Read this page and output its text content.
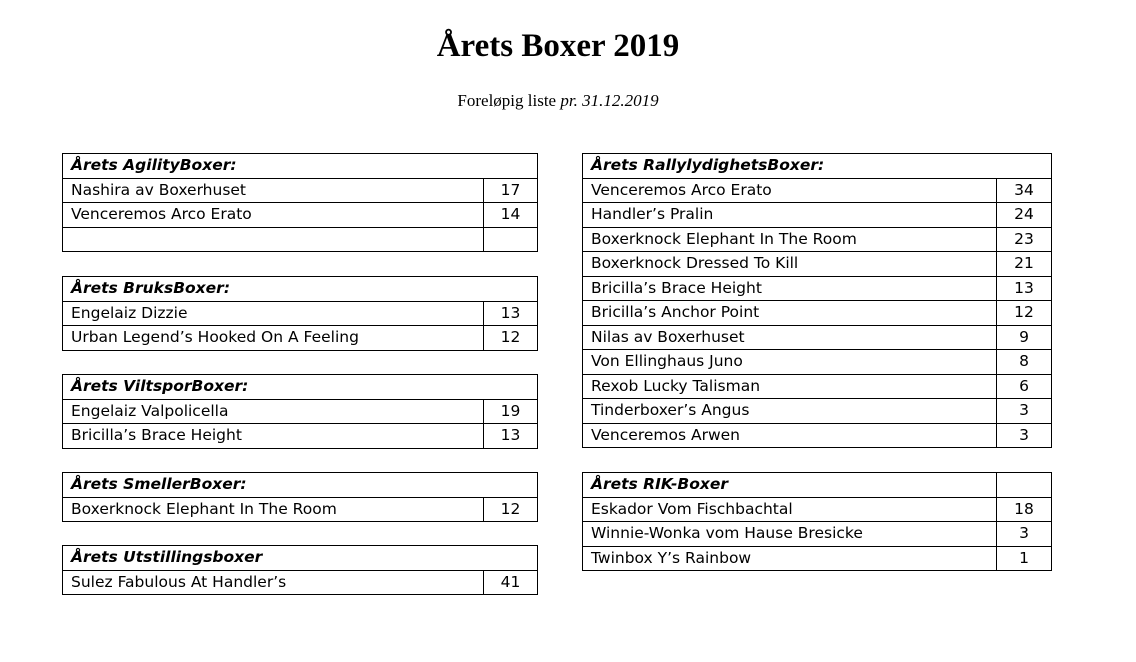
Årets Boxer 2019
Foreløpig liste pr. 31.12.2019
Årets AgilityBoxer:	
Nashira av Boxerhuset	17
Venceremos Arco Erato	14

Årets BruksBoxer:	
Engelaiz Dizzie	13
Urban Legend’s Hooked On A Feeling	12
Årets ViltsporBoxer:	
Engelaiz Valpolicella	19
Bricilla’s Brace Height	13
Årets SmellerBoxer:
Boxerknock Elephant In The Room	12
Årets Utstillingsboxer
Sulez Fabulous At Handler’s	41
Årets RallylydighetsBoxer:	
Venceremos Arco Erato	34
Handler’s Pralin	24
Boxerknock Elephant In The Room	23
Boxerknock Dressed To Kill	21
Bricilla’s Brace Height	13
Bricilla’s Anchor Point	12
Nilas av Boxerhuset	9
Von Ellinghaus Juno	8
Rexob Lucky Talisman	6
Tinderboxer’s Angus	3
Venceremos Arwen	3
Årets RIK-Boxer	
Eskador Vom Fischbachtal	18
Winnie-Wonka vom Hause Bresicke	3
Twinbox Y’s Rainbow	1
